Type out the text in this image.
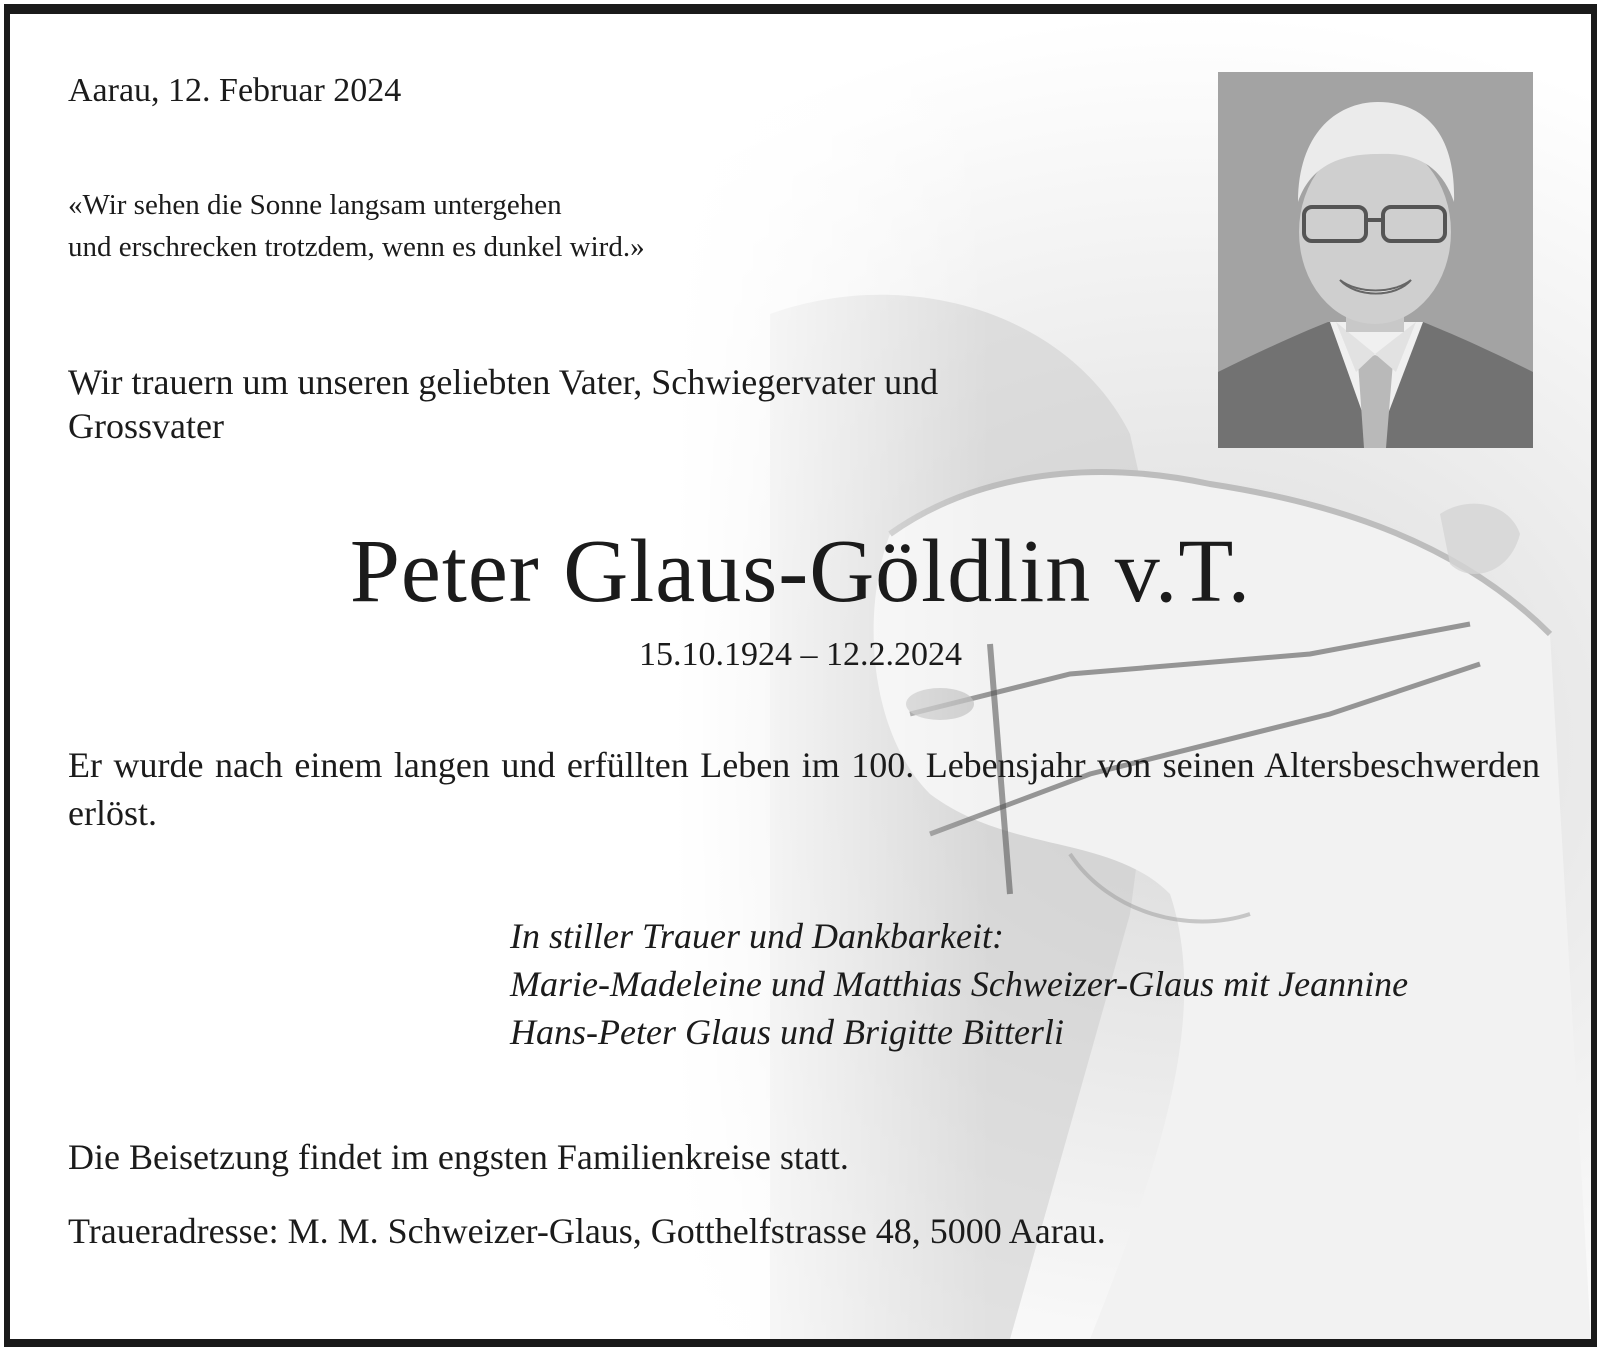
Aarau, 12. Februar 2024
«Wir sehen die Sonne langsam untergehen
und erschrecken trotzdem, wenn es dunkel wird.»
Wir trauern um unseren geliebten Vater, Schwiegervater und
Grossvater
Peter Glaus-Göldlin v.T.
15.10.1924 – 12.2.2024
Er wurde nach einem langen und erfüllten Leben im 100. Lebensjahr von seinen Altersbeschwerden erlöst.
In stiller Trauer und Dankbarkeit:
Marie-Madeleine und Matthias Schweizer-Glaus mit Jeannine
Hans-Peter Glaus und Brigitte Bitterli
Die Beisetzung findet im engsten Familienkreise statt.
Traueradresse: M. M. Schweizer-Glaus, Gotthelfstrasse 48, 5000 Aarau.
